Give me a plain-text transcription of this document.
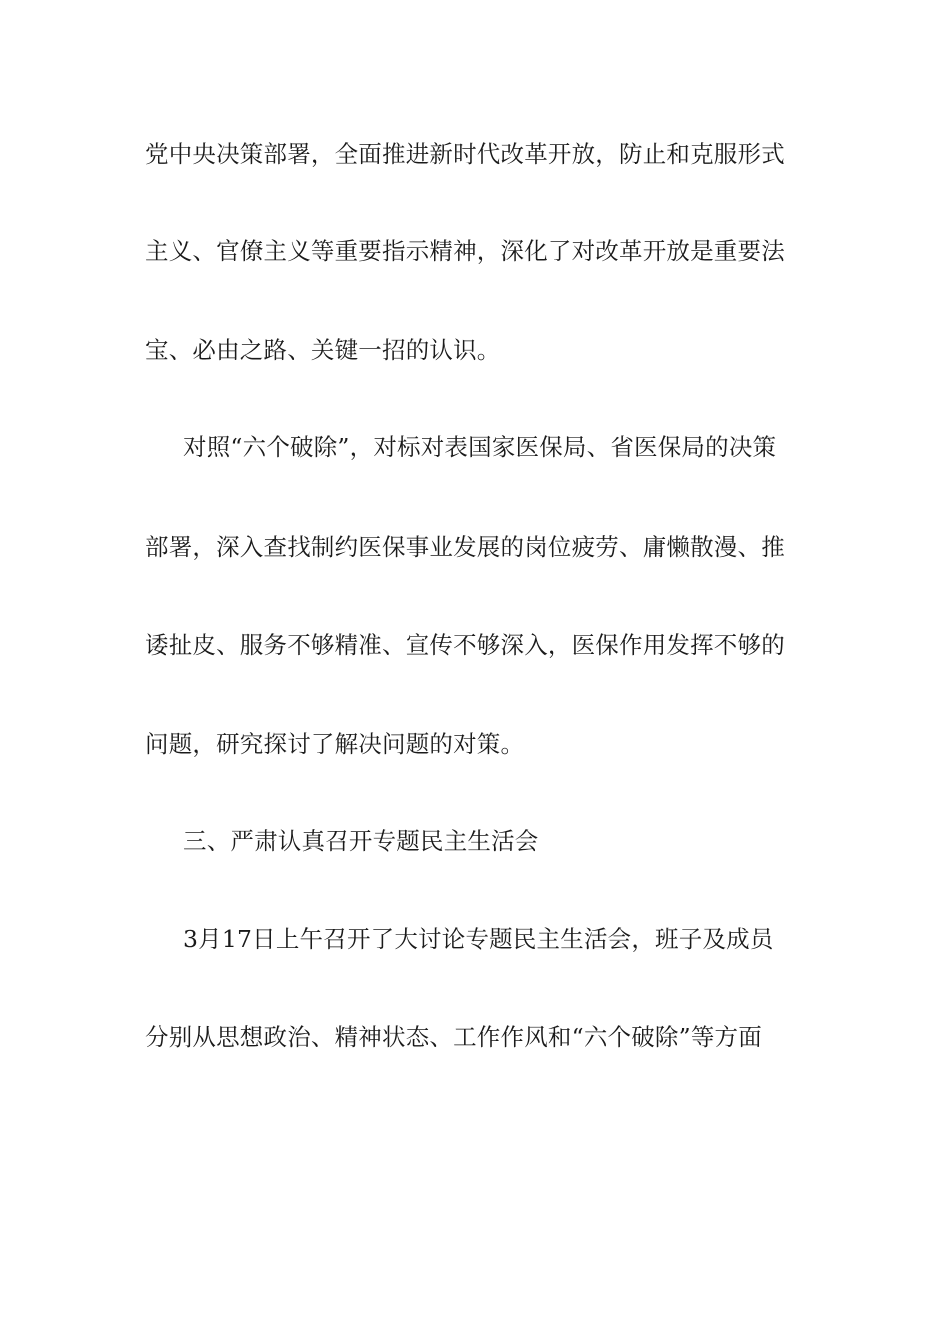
党中央决策部署，全面推进新时代改革开放，防止和克服形式
主义、官僚主义等重要指示精神，深化了对改革开放是重要法
宝、必由之路、关键一招的认识。
对照“六个破除”，对标对表国家医保局、省医保局的决策
部署，深入查找制约医保事业发展的岗位疲劳、庸懒散漫、推
诿扯皮、服务不够精准、宣传不够深入，医保作用发挥不够的
问题，研究探讨了解决问题的对策。
三、严肃认真召开专题民主生活会
3月17日上午召开了大讨论专题民主生活会，班子及成员
分别从思想政治、精神状态、工作作风和“六个破除”等方面
